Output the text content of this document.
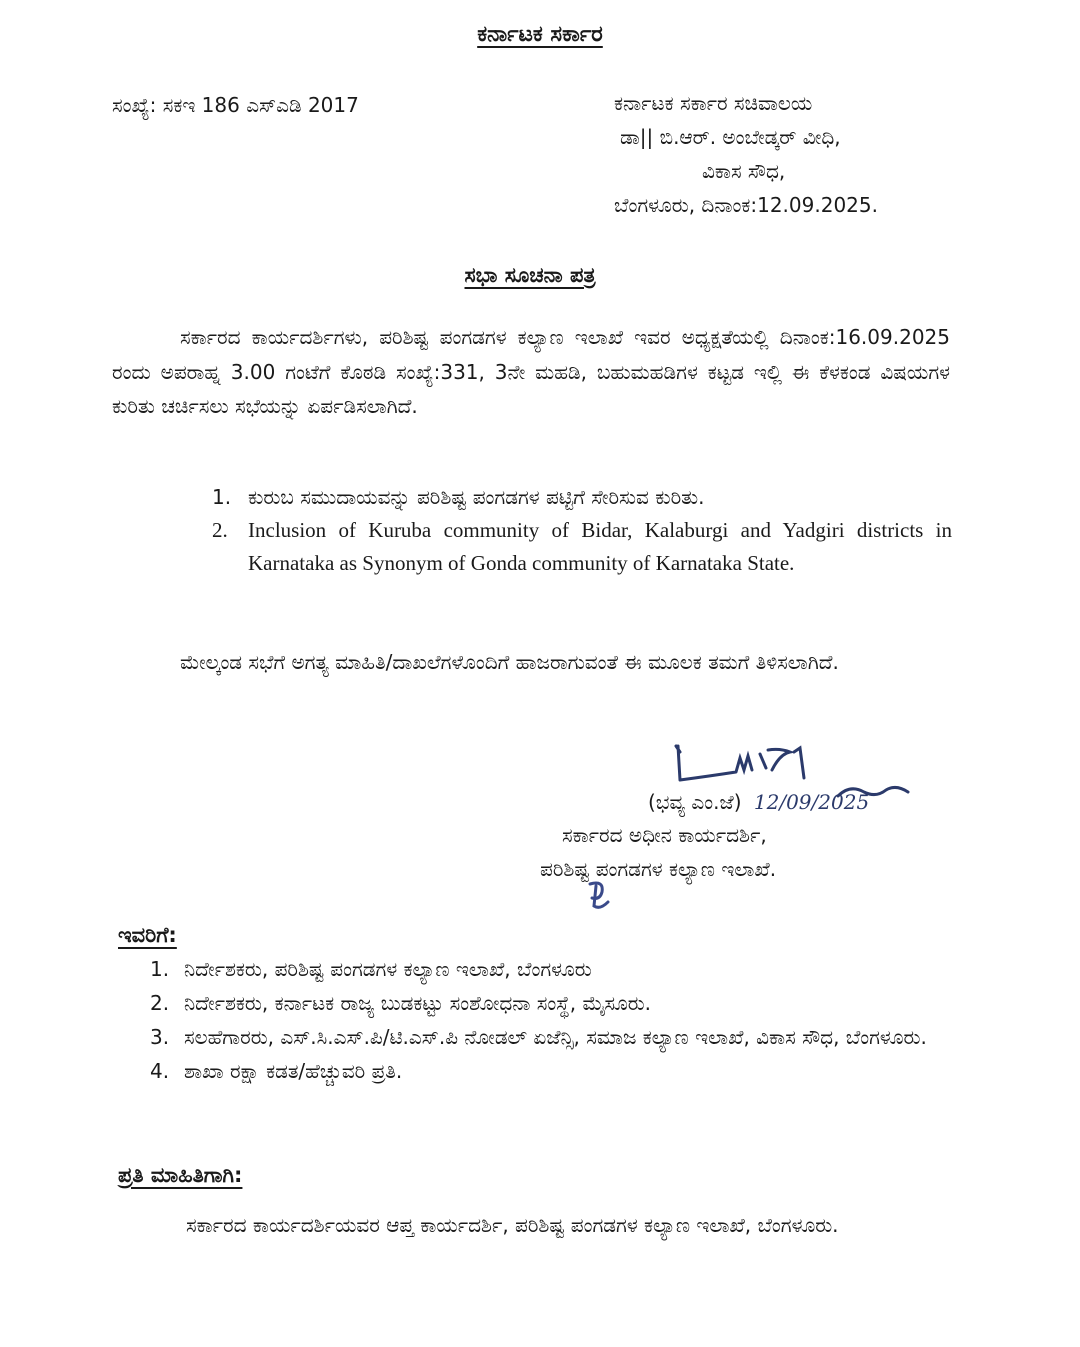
ಕರ್ನಾಟಕ ಸರ್ಕಾರ
ಸಂಖ್ಯೆ: ಸಕಇ 186 ಎಸ್‌ಎಡಿ 2017	ಕರ್ನಾಟಕ ಸರ್ಕಾರ ಸಚಿವಾಲಯ
ಡಾ|| ಬಿ.ಆರ್. ಅಂಬೇಡ್ಕರ್ ವೀಧಿ,
ವಿಕಾಸ ಸೌಧ,
ಬೆಂಗಳೂರು, ದಿನಾಂಕ:12.09.2025.
ಸಭಾ ಸೂಚನಾ ಪತ್ರ
ಸರ್ಕಾರದ ಕಾರ್ಯದರ್ಶಿಗಳು, ಪರಿಶಿಷ್ಟ ಪಂಗಡಗಳ ಕಲ್ಯಾಣ ಇಲಾಖೆ ಇವರ ಅಧ್ಯಕ್ಷತೆಯಲ್ಲಿ ದಿನಾಂಕ:16.09.2025 ರಂದು ಅಪರಾಹ್ನ 3.00 ಗಂಟೆಗೆ ಕೊಠಡಿ ಸಂಖ್ಯೆ:331, 3ನೇ ಮಹಡಿ, ಬಹುಮಹಡಿಗಳ ಕಟ್ಟಡ ಇಲ್ಲಿ ಈ ಕೆಳಕಂಡ ವಿಷಯಗಳ ಕುರಿತು ಚರ್ಚಿಸಲು ಸಭೆಯನ್ನು ಏರ್ಪಡಿಸಲಾಗಿದೆ.
1. ಕುರುಬ ಸಮುದಾಯವನ್ನು ಪರಿಶಿಷ್ಟ ಪಂಗಡಗಳ ಪಟ್ಟಿಗೆ ಸೇರಿಸುವ ಕುರಿತು.
2. Inclusion of Kuruba community of Bidar, Kalaburgi and Yadgiri districts in Karnataka as Synonym of Gonda community of Karnataka State.
ಮೇಲ್ಕಂಡ ಸಭೆಗೆ ಅಗತ್ಯ ಮಾಹಿತಿ/ದಾಖಲೆಗಳೊಂದಿಗೆ ಹಾಜರಾಗುವಂತೆ ಈ ಮೂಲಕ ತಮಗೆ ತಿಳಿಸಲಾಗಿದೆ.
(ಭವ್ಯ ಎಂ.ಜೆ) 12/09/2025
ಸರ್ಕಾರದ ಅಧೀನ ಕಾರ್ಯದರ್ಶಿ,
ಪರಿಶಿಷ್ಟ ಪಂಗಡಗಳ ಕಲ್ಯಾಣ ಇಲಾಖೆ.
ಇವರಿಗೆ:
1. ನಿರ್ದೇಶಕರು, ಪರಿಶಿಷ್ಟ ಪಂಗಡಗಳ ಕಲ್ಯಾಣ ಇಲಾಖೆ, ಬೆಂಗಳೂರು
2. ನಿರ್ದೇಶಕರು, ಕರ್ನಾಟಕ ರಾಜ್ಯ ಬುಡಕಟ್ಟು ಸಂಶೋಧನಾ ಸಂಸ್ಥೆ, ಮೈಸೂರು.
3. ಸಲಹೆಗಾರರು, ಎಸ್.ಸಿ.ಎಸ್.ಪಿ/ಟಿ.ಎಸ್.ಪಿ ನೋಡಲ್ ಏಜೆನ್ಸಿ, ಸಮಾಜ ಕಲ್ಯಾಣ ಇಲಾಖೆ, ವಿಕಾಸ ಸೌಧ, ಬೆಂಗಳೂರು.
4. ಶಾಖಾ ರಕ್ಷಾ ಕಡತ/ಹೆಚ್ಚುವರಿ ಪ್ರತಿ.
ಪ್ರತಿ ಮಾಹಿತಿಗಾಗಿ:
ಸರ್ಕಾರದ ಕಾರ್ಯದರ್ಶಿಯವರ ಆಪ್ತ ಕಾರ್ಯದರ್ಶಿ, ಪರಿಶಿಷ್ಟ ಪಂಗಡಗಳ ಕಲ್ಯಾಣ ಇಲಾಖೆ, ಬೆಂಗಳೂರು.
